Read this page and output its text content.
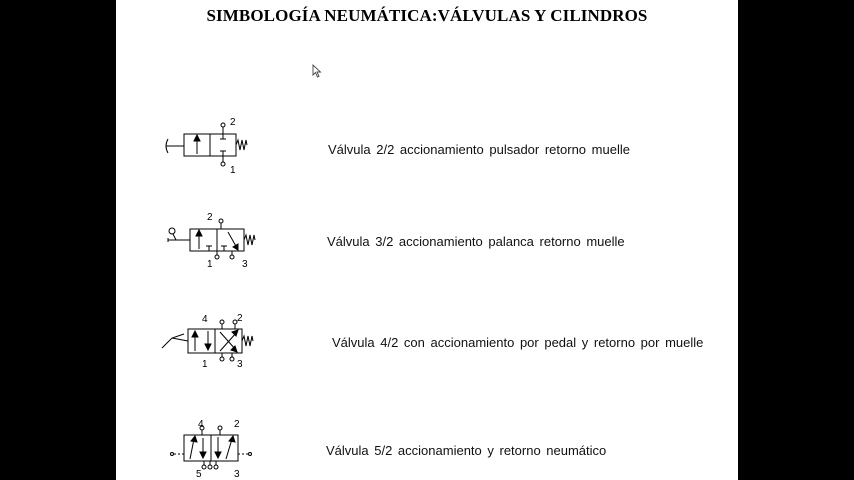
SIMBOLOGÍA NEUMÁTICA:VÁLVULAS Y CILINDROS
2
1
Válvula 2/2 accionamiento pulsador retorno muelle
2
1	3
Válvula 3/2 accionamiento palanca retorno muelle
4	2
1	3
Válvula 4/2 con accionamiento por pedal y retorno por muelle
4	2
5	3
Válvula 5/2 accionamiento y retorno neumático
